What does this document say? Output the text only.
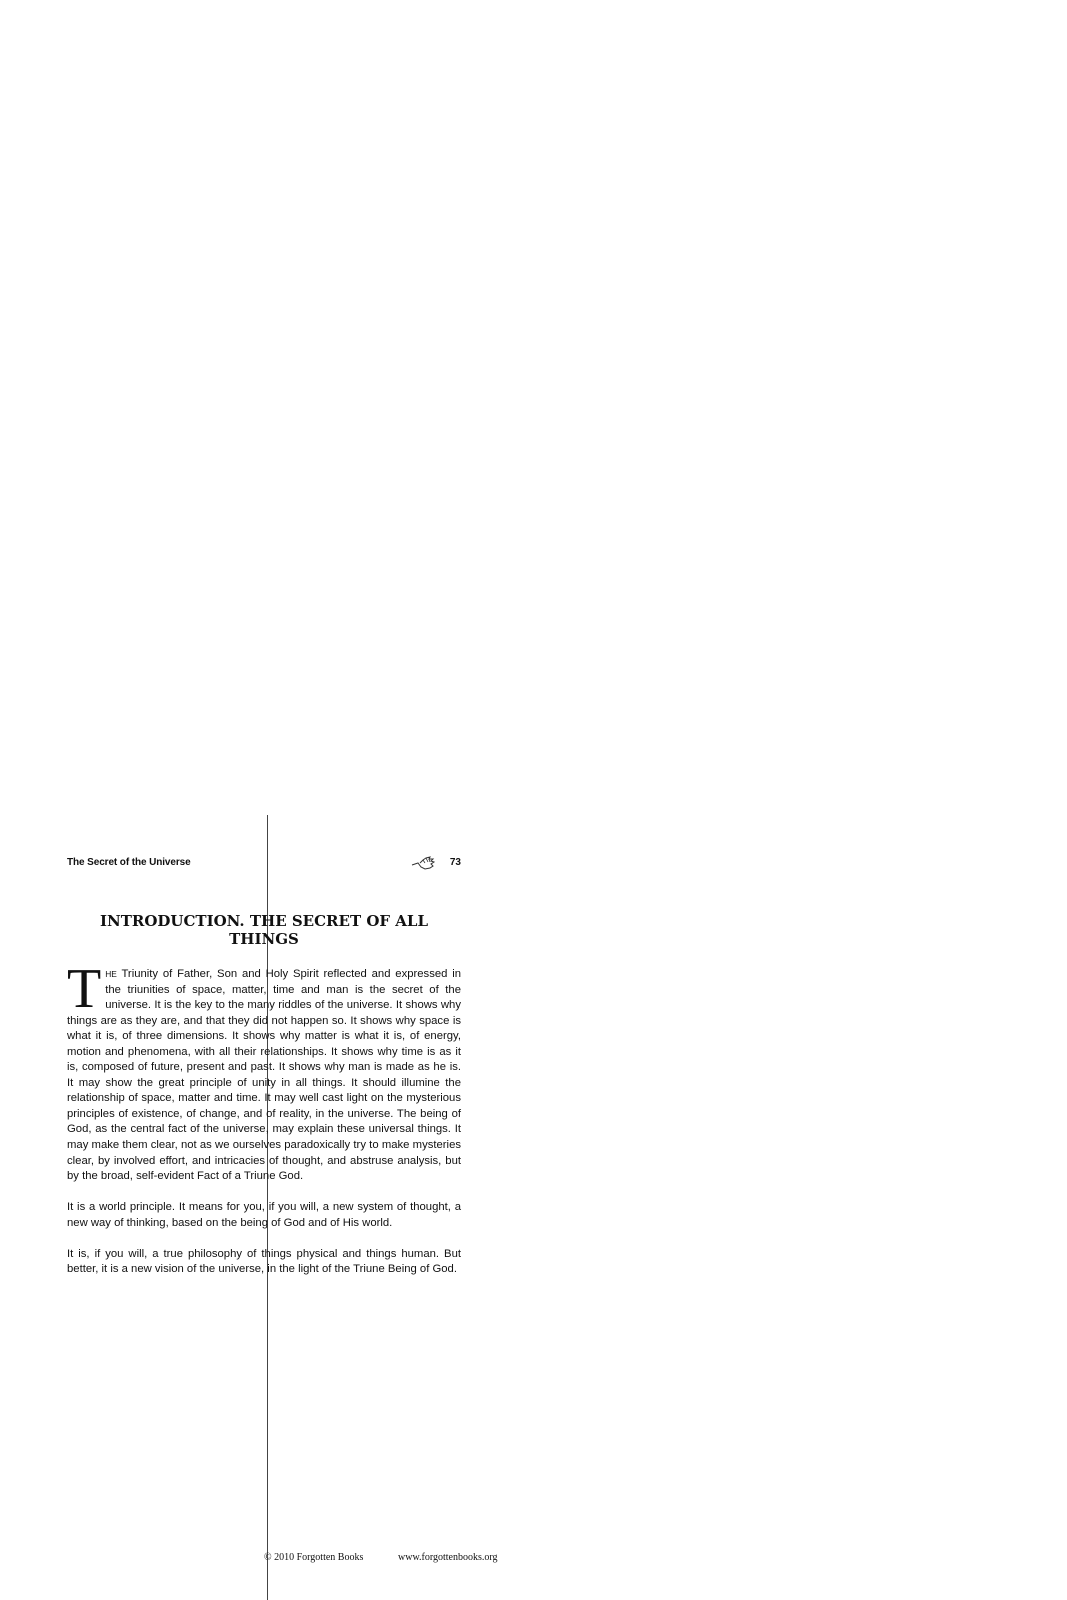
The Secret of the Universe	73
INTRODUCTION. THE SECRET OF ALL THINGS

THE Triunity of Father, Son and Holy Spirit reflected and expressed in the triunities of space, matter, time and man is the secret of the universe. It is the key to the many riddles of the universe. It shows why things are as they are, and that they did not happen so. It shows why space is what it is, of three dimensions. It shows why matter is what it is, of energy, motion and phenomena, with all their relationships. It shows why time is as it is, composed of future, present and past. It shows why man is made as he is. It may show the great principle of unity in all things. It should illumine the relationship of space, matter and time. It may well cast light on the mysterious principles of existence, of change, and of reality, in the universe. The being of God, as the central fact of the universe, may explain these universal things. It may make them clear, not as we ourselves paradoxically try to make mysteries clear, by involved effort, and intricacies of thought, and abstruse analysis, but by the broad, self-evident Fact of a Triune God.

It is a world principle. It means for you, if you will, a new system of thought, a new way of thinking, based on the being of God and of His world.

It is, if you will, a true philosophy of things physical and things human. But better, it is a new vision of the universe, in the light of the Triune Being of God.

© 2010 Forgotten Books	www.forgottenbooks.org
